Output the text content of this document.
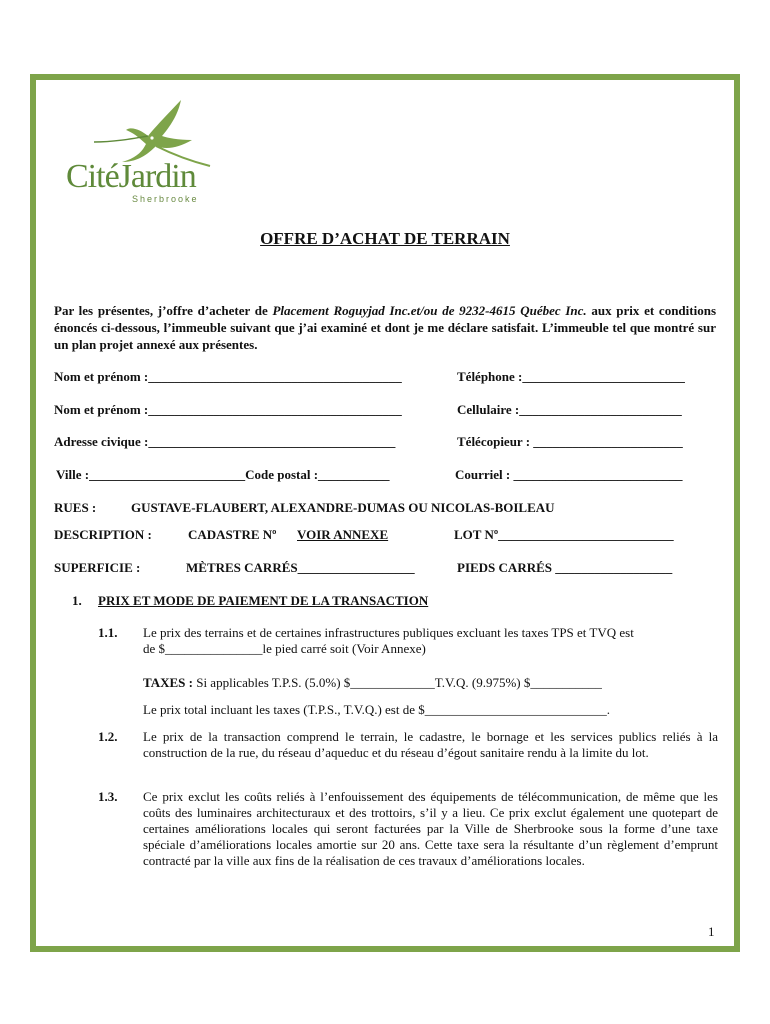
CitéJardin
Sherbrooke
OFFRE D’ACHAT DE TERRAIN
Par les présentes, j’offre d’acheter de Placement Roguyjad Inc.et/ou de 9232-4615 Québec Inc. aux prix et conditions énoncés ci-dessous, l’immeuble suivant que j’ai examiné et dont je me déclare satisfait. L’immeuble tel que montré sur un plan projet annexé aux présentes.
Nom et prénom :_______________________________________	Téléphone :_________________________
Nom et prénom :_______________________________________	Cellulaire :_________________________
Adresse civique :______________________________________	Télécopieur : _______________________
Ville :________________________Code postal :___________	Courriel : __________________________
RUES :	GUSTAVE-FLAUBERT, ALEXANDRE-DUMAS OU NICOLAS-BOILEAU
DESCRIPTION :	CADASTRE Nº VOIR ANNEXE	LOT Nº___________________________
SUPERFICIE :	MÈTRES CARRÉS__________________	PIEDS CARRÉS __________________
1. PRIX ET MODE DE PAIEMENT DE LA TRANSACTION
1.1. Le prix des terrains et de certaines infrastructures publiques excluant les taxes TPS et TVQ est
de $_______________le pied carré soit (Voir Annexe)
TAXES : Si applicables T.P.S. (5.0%) $_____________T.V.Q. (9.975%) $___________
Le prix total incluant les taxes (T.P.S., T.V.Q.) est de $____________________________.
1.2. Le prix de la transaction comprend le terrain, le cadastre, le bornage et les services publics reliés à la construction de la rue, du réseau d’aqueduc et du réseau d’égout sanitaire rendu à la limite du lot.
1.3. Ce prix exclut les coûts reliés à l’enfouissement des équipements de télécommunication, de même que les coûts des luminaires architecturaux et des trottoirs, s’il y a lieu. Ce prix exclut également une quotepart de certaines améliorations locales qui seront facturées par la Ville de Sherbrooke sous la forme d’une taxe spéciale d’améliorations locales amortie sur 20 ans. Cette taxe sera la résultante d’un règlement d’emprunt contracté par la ville aux fins de la réalisation de ces travaux d’améliorations locales.
1
